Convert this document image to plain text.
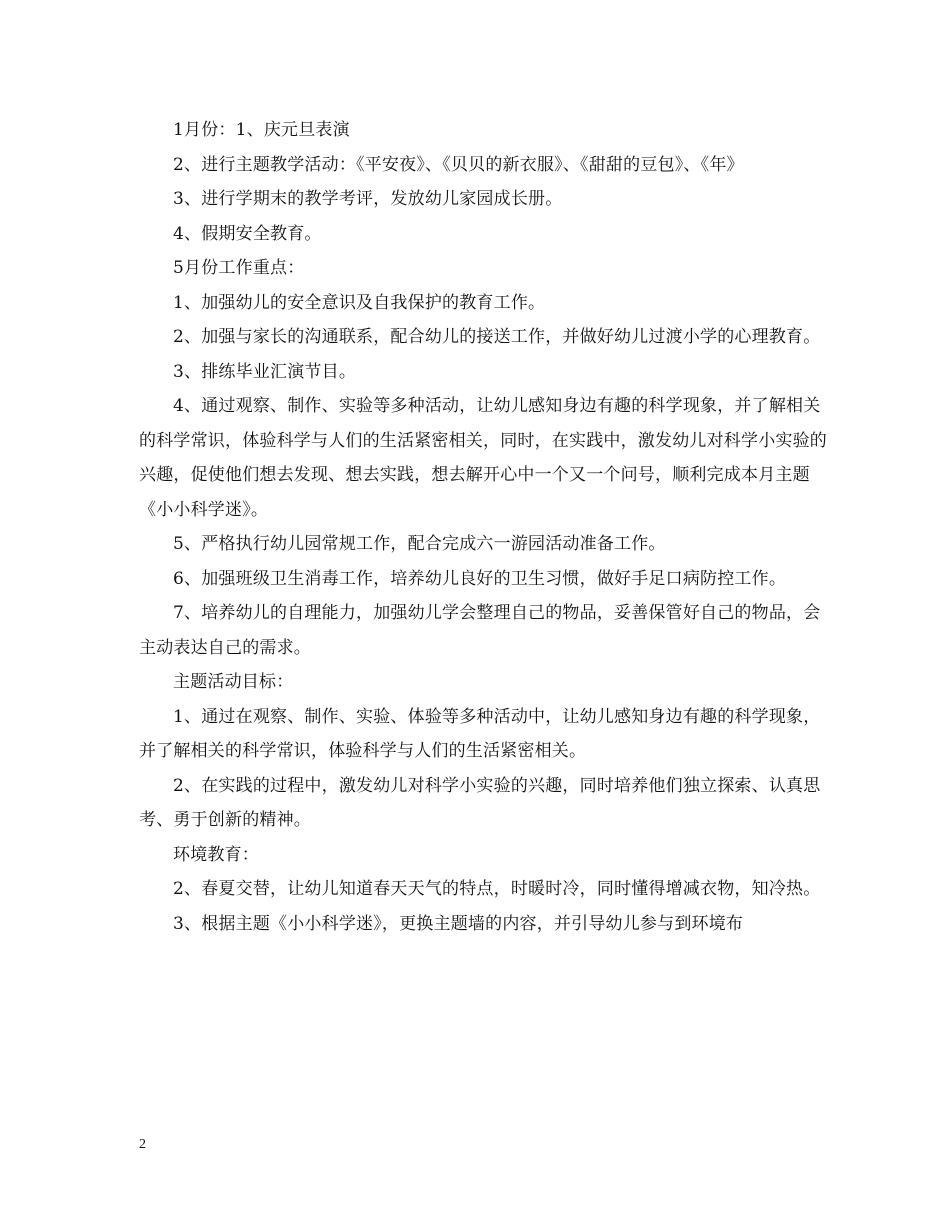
1月份：1、庆元旦表演

2、进行主题教学活动：《平安夜》、《贝贝的新衣服》、《甜甜的豆包》、《年》

3、进行学期末的教学考评，发放幼儿家园成长册。

4、假期安全教育。

5月份工作重点：

1、加强幼儿的安全意识及自我保护的教育工作。

2、加强与家长的沟通联系，配合幼儿的接送工作，并做好幼儿过渡小学的心理教育。

3、排练毕业汇演节目。

4、通过观察、制作、实验等多种活动，让幼儿感知身边有趣的科学现象，并了解相关的科学常识，体验科学与人们的生活紧密相关，同时，在实践中，激发幼儿对科学小实验的兴趣，促使他们想去发现、想去实践，想去解开心中一个又一个问号，顺利完成本月主题《小小科学迷》。

5、严格执行幼儿园常规工作，配合完成六一游园活动准备工作。

6、加强班级卫生消毒工作，培养幼儿良好的卫生习惯，做好手足口病防控工作。

7、培养幼儿的自理能力，加强幼儿学会整理自己的物品，妥善保管好自己的物品，会主动表达自己的需求。

主题活动目标：

1、通过在观察、制作、实验、体验等多种活动中，让幼儿感知身边有趣的科学现象，并了解相关的科学常识，体验科学与人们的生活紧密相关。

2、在实践的过程中，激发幼儿对科学小实验的兴趣，同时培养他们独立探索、认真思考、勇于创新的精神。

环境教育：

2、春夏交替，让幼儿知道春天天气的特点，时暖时冷，同时懂得增减衣物，知冷热。

3、根据主题《小小科学迷》，更换主题墙的内容，并引导幼儿参与到环境布

2
